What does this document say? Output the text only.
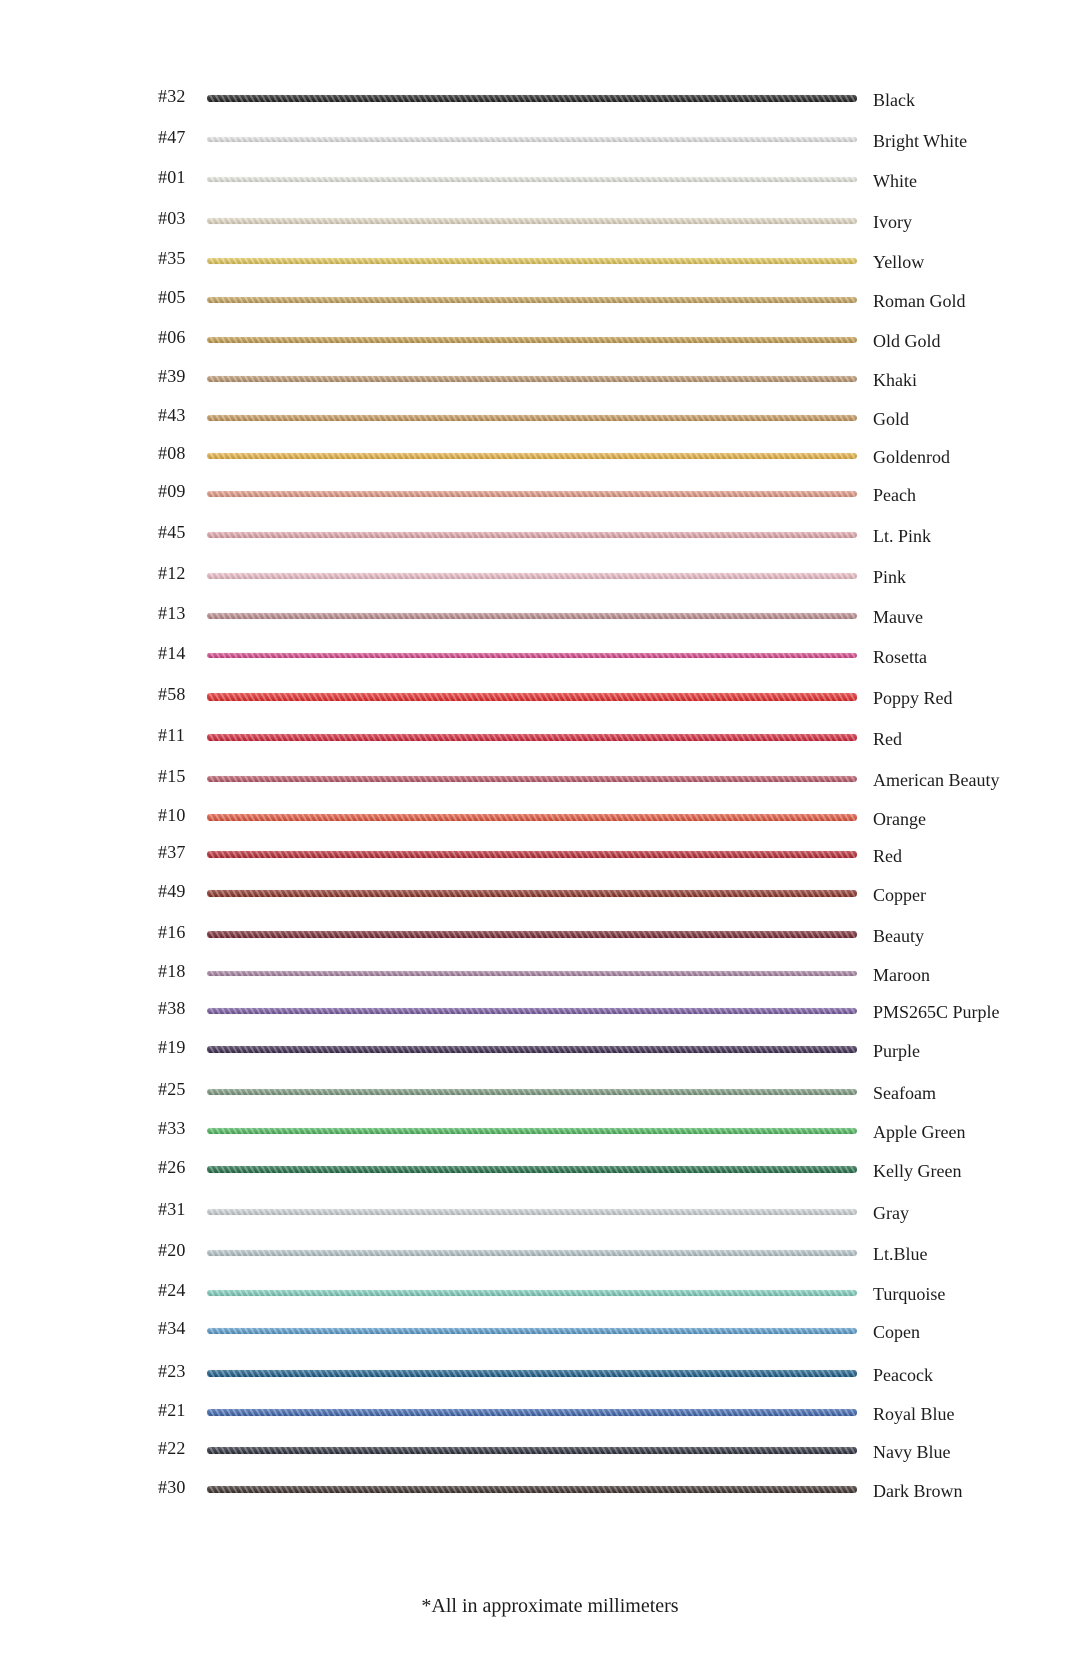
#32	Black
#47	Bright White
#01	White
#03	Ivory
#35	Yellow
#05	Roman Gold
#06	Old Gold
#39	Khaki
#43	Gold
#08	Goldenrod
#09	Peach
#45	Lt. Pink
#12	Pink
#13	Mauve
#14	Rosetta
#58	Poppy Red
#11	Red
#15	American Beauty
#10	Orange
#37	Red
#49	Copper
#16	Beauty
#18	Maroon
#38	PMS265C Purple
#19	Purple
#25	Seafoam
#33	Apple Green
#26	Kelly Green
#31	Gray
#20	Lt.Blue
#24	Turquoise
#34	Copen
#23	Peacock
#21	Royal Blue
#22	Navy Blue
#30	Dark Brown
*All in approximate millimeters
